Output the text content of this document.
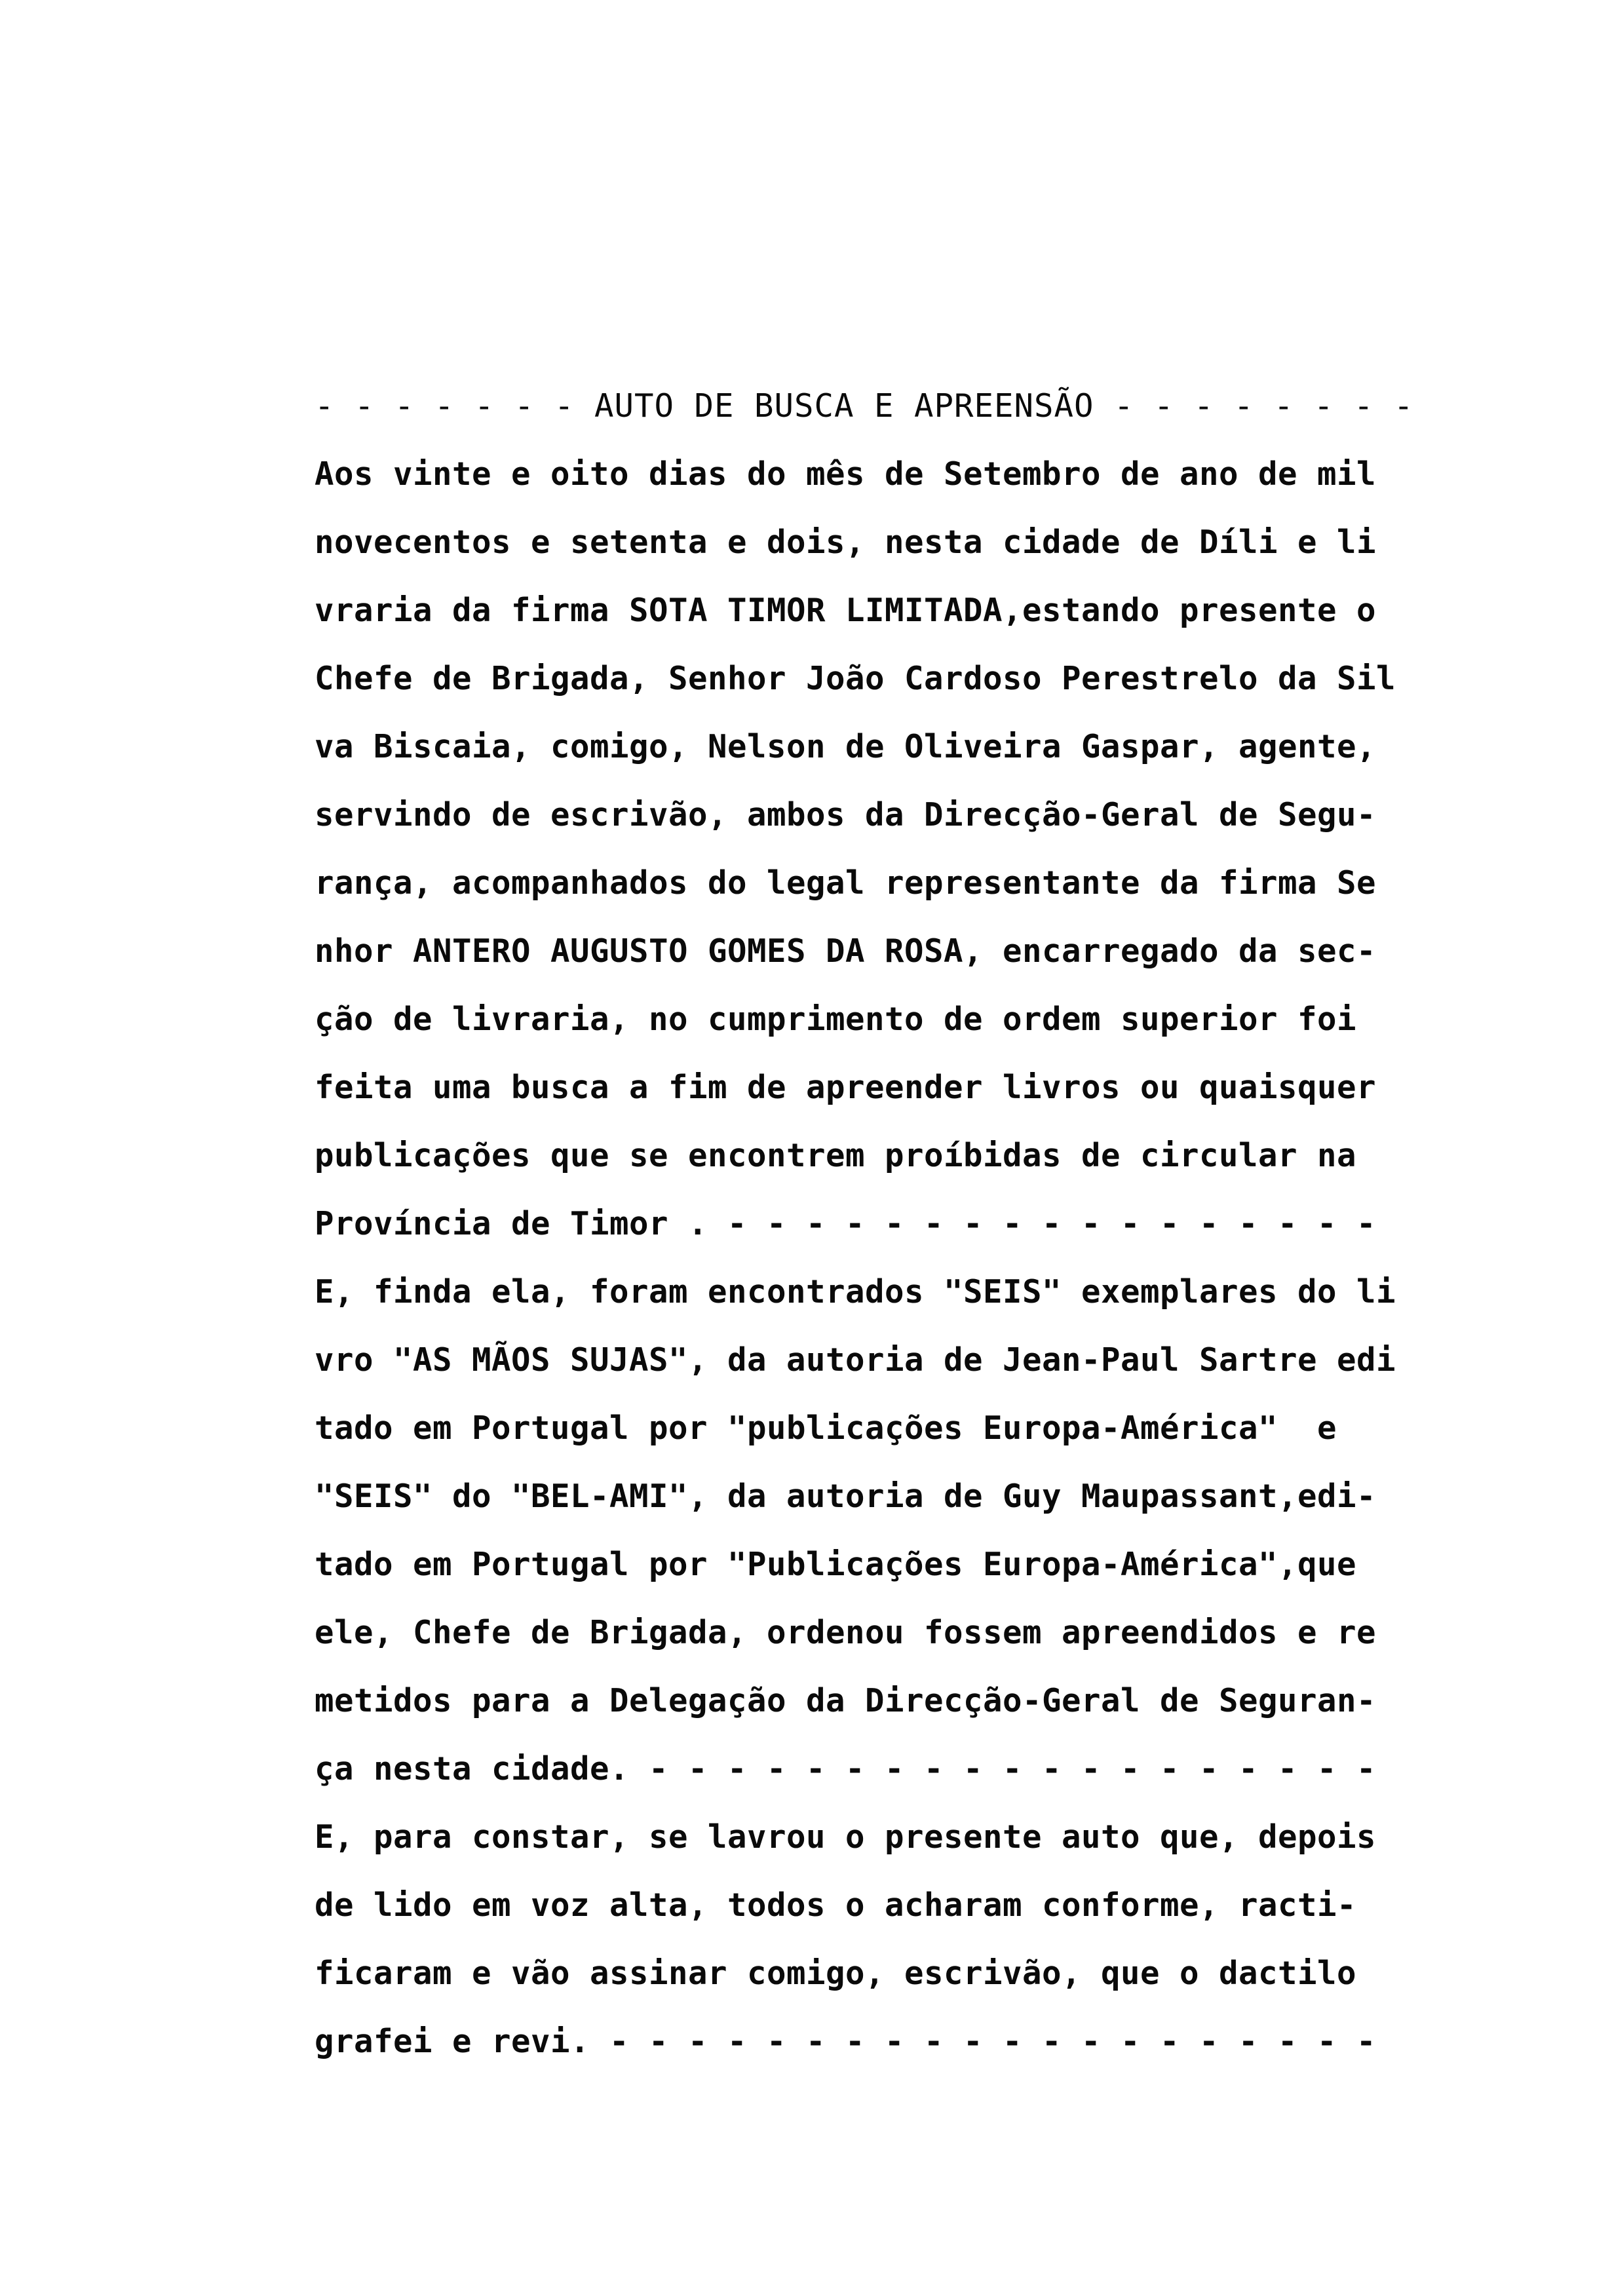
- - - - - - - AUTO DE BUSCA E APREENSÃO - - - - - - - -
Aos vinte e oito dias do mês de Setembro de ano de mil
novecentos e setenta e dois, nesta cidade de Díli e li
vraria da firma SOTA TIMOR LIMITADA,estando presente o
Chefe de Brigada, Senhor João Cardoso Perestrelo da Sil
va Biscaia, comigo, Nelson de Oliveira Gaspar, agente,
servindo de escrivão, ambos da Direcção-Geral de Segu-
rança, acompanhados do legal representante da firma Se
nhor ANTERO AUGUSTO GOMES DA ROSA, encarregado da sec-
ção de livraria, no cumprimento de ordem superior foi
feita uma busca a fim de apreender livros ou quaisquer
publicações que se encontrem proíbidas de circular na
Província de Timor . - - - - - - - - - - - - - - - - -
E, finda ela, foram encontrados "SEIS" exemplares do li
vro "AS MÃOS SUJAS", da autoria de Jean-Paul Sartre edi
tado em Portugal por "publicações Europa-América"  e
"SEIS" do "BEL-AMI", da autoria de Guy Maupassant,edi-
tado em Portugal por "Publicações Europa-América",que
ele, Chefe de Brigada, ordenou fossem apreendidos e re
metidos para a Delegação da Direcção-Geral de Seguran-
ça nesta cidade. - - - - - - - - - - - - - - - - - - -
E, para constar, se lavrou o presente auto que, depois
de lido em voz alta, todos o acharam conforme, racti-
ficaram e vão assinar comigo, escrivão, que o dactilo
grafei e revi. - - - - - - - - - - - - - - - - - - - -
